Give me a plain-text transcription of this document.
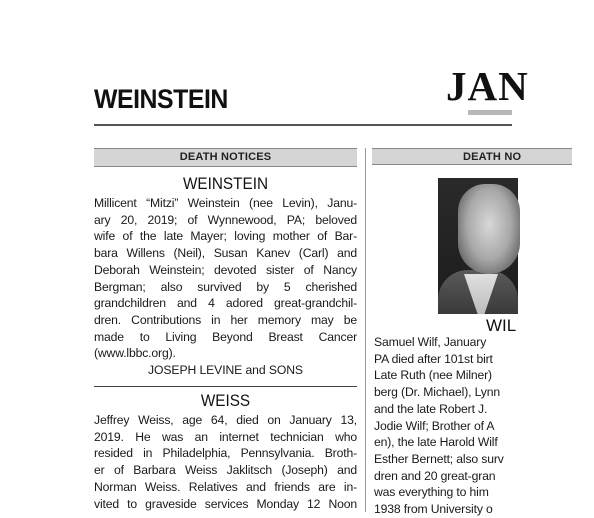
WEINSTEIN	JAN
DEATH NOTICES
WEINSTEIN
Millicent “Mitzi” Weinstein (nee Levin), Janu-
ary 20, 2019; of Wynnewood, PA; beloved
wife of the late Mayer; loving mother of Bar-
bara Willens (Neil), Susan Kanev (Carl) and
Deborah Weinstein; devoted sister of Nancy
Bergman; also survived by 5 cherished
grandchildren and 4 adored great-grandchil-
dren. Contributions in her memory may be
made to Living Beyond Breast Cancer
(www.lbbc.org).
JOSEPH LEVINE and SONS
WEISS
Jeffrey Weiss, age 64, died on January 13,
2019. He was an internet technician who
resided in Philadelphia, Pennsylvania. Broth-
er of Barbara Weiss Jaklitsch (Joseph) and
Norman Weiss. Relatives and friends are in-
vited to graveside services Monday 12 Noon
DEATH NO
WIL
Samuel Wilf, January
PA died after 101st birt
Late Ruth (nee Milner)
berg (Dr. Michael), Lynn
and the late Robert J.
Jodie Wilf; Brother of A
en), the late Harold Wilf
Esther Bernett; also surv
dren and 20 great-gran
was everything to him
1938 from University o
